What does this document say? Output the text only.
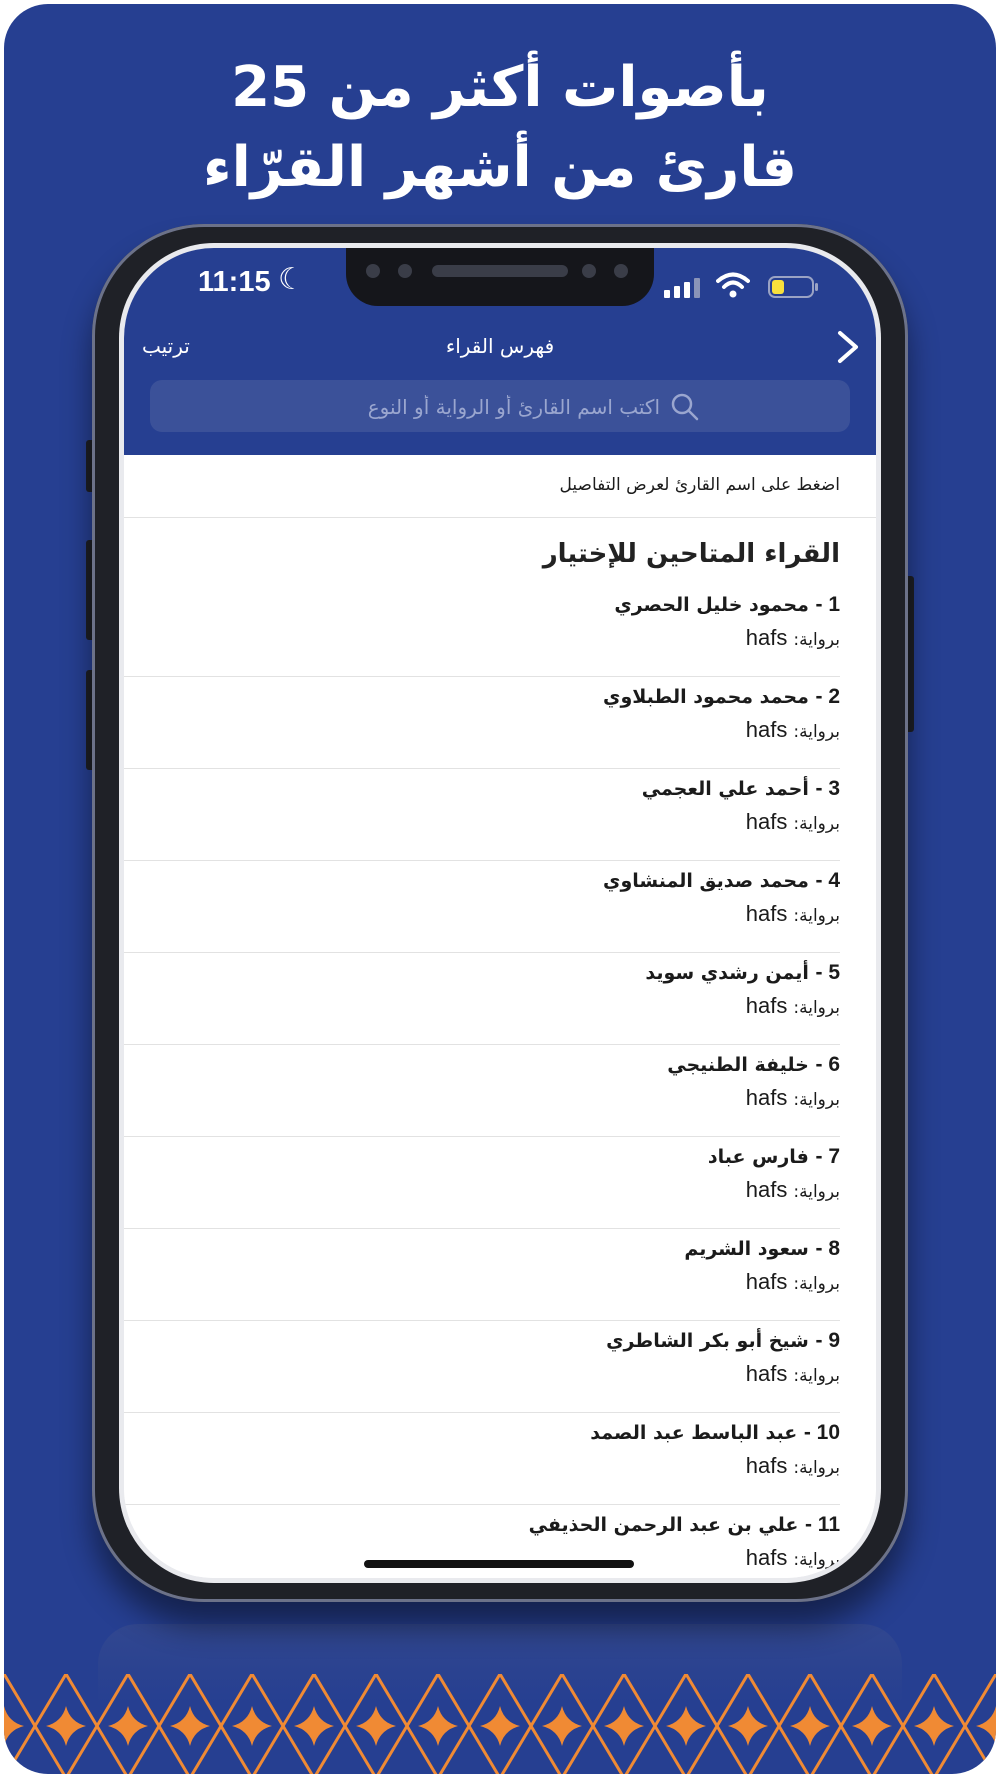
بأصوات أكثر من 25
قارئ من أشهر القرّاء
11:15 ☾
فهرس القراء
ترتيب
اكتب اسم القارئ أو الرواية أو النوع
اضغط على اسم القارئ لعرض التفاصيل
القراء المتاحين للإختيار
1 - محمود خليل الحصري
برواية:hafs
2 - محمد محمود الطبلاوي
برواية:hafs
3 - أحمد علي العجمي
برواية:hafs
4 - محمد صديق المنشاوي
برواية:hafs
5 - أيمن رشدي سويد
برواية:hafs
6 - خليفة الطنيجي
برواية:hafs
7 - فارس عباد
برواية:hafs
8 - سعود الشريم
برواية:hafs
9 - شيخ أبو بكر الشاطري
برواية:hafs
10 - عبد الباسط عبد الصمد
برواية:hafs
11 - علي بن عبد الرحمن الحذيفي
برواية:hafs
